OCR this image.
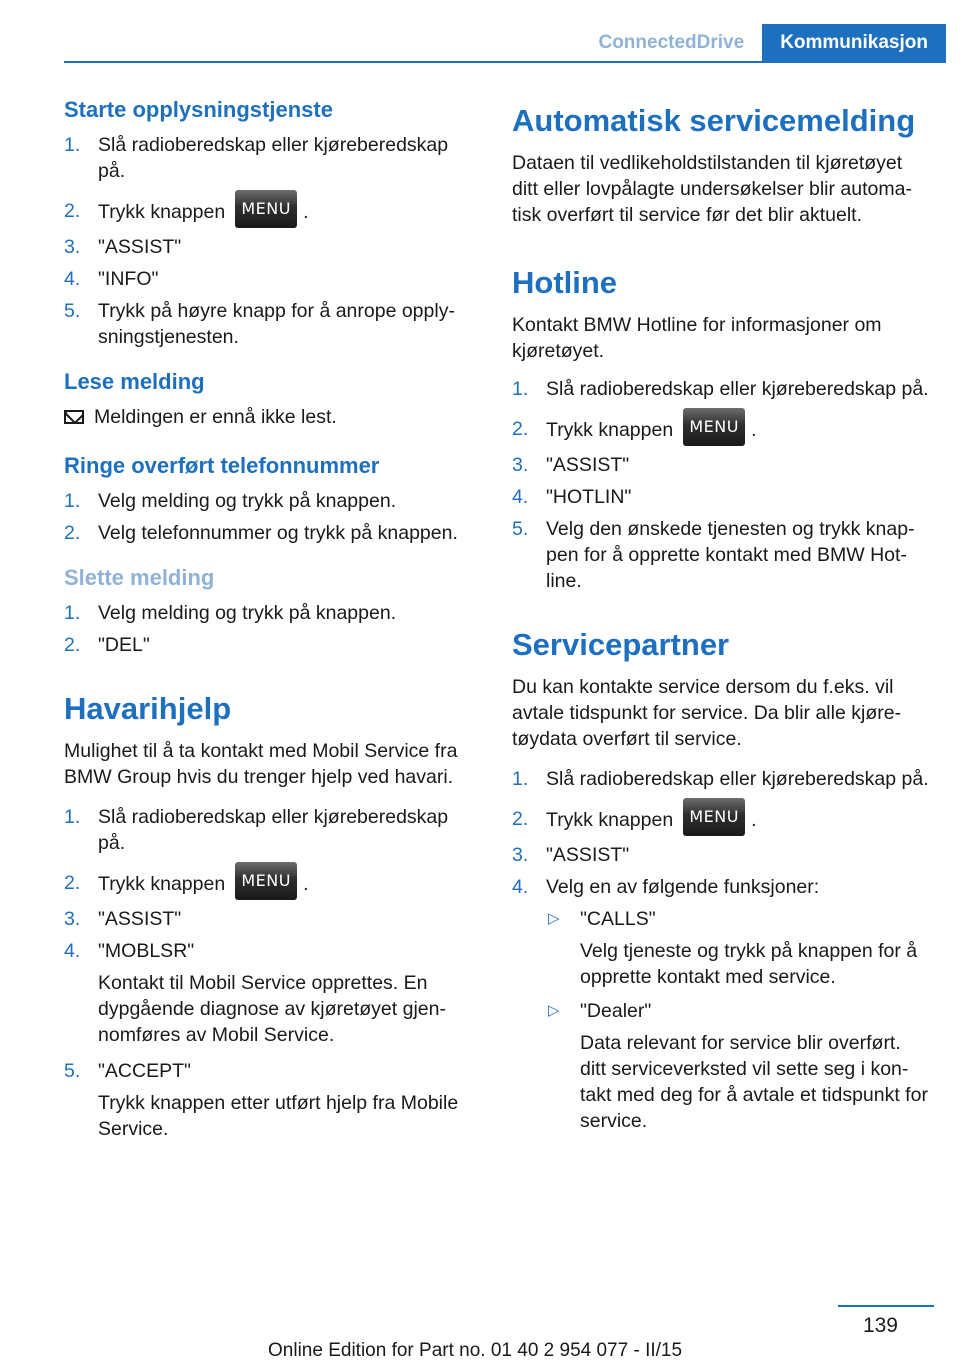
ConnectedDrive	Kommunikasjon
Starte opplysningstjenste
1. Slå radioberedskap eller kjøreberedskap på.
2. Trykk knappen MENU .
3. "ASSIST"
4. "INFO"
5. Trykk på høyre knapp for å anrope opplysningstjenesten.
Lese melding
Meldingen er ennå ikke lest.
Ringe overført telefonnummer
1. Velg melding og trykk på knappen.
2. Velg telefonnummer og trykk på knappen.
Slette melding
1. Velg melding og trykk på knappen.
2. "DEL"
Havarihjelp
Mulighet til å ta kontakt med Mobil Service fra BMW Group hvis du trenger hjelp ved havari.
1. Slå radioberedskap eller kjøreberedskap på.
2. Trykk knappen MENU .
3. "ASSIST"
4. "MOBLSR"
Kontakt til Mobil Service opprettes. En dypgående diagnose av kjøretøyet gjennomføres av Mobil Service.
5. "ACCEPT"
Trykk knappen etter utført hjelp fra Mobile Service.
Automatisk servicemelding
Dataen til vedlikeholdstilstanden til kjøretøyet ditt eller lovpålagte undersøkelser blir automatisk overført til service før det blir aktuelt.
Hotline
Kontakt BMW Hotline for informasjoner om kjøretøyet.
1. Slå radioberedskap eller kjøreberedskap på.
2. Trykk knappen MENU .
3. "ASSIST"
4. "HOTLIN"
5. Velg den ønskede tjenesten og trykk knappen for å opprette kontakt med BMW Hotline.
Servicepartner
Du kan kontakte service dersom du f.eks. vil avtale tidspunkt for service. Da blir alle kjøretøydata overført til service.
1. Slå radioberedskap eller kjøreberedskap på.
2. Trykk knappen MENU .
3. "ASSIST"
4. Velg en av følgende funksjoner:
▷ "CALLS"
Velg tjeneste og trykk på knappen for å opprette kontakt med service.
▷ "Dealer"
Data relevant for service blir overført. ditt serviceverksted vil sette seg i kontakt med deg for å avtale et tidspunkt for service.
139
Online Edition for Part no. 01 40 2 954 077 - II/15
